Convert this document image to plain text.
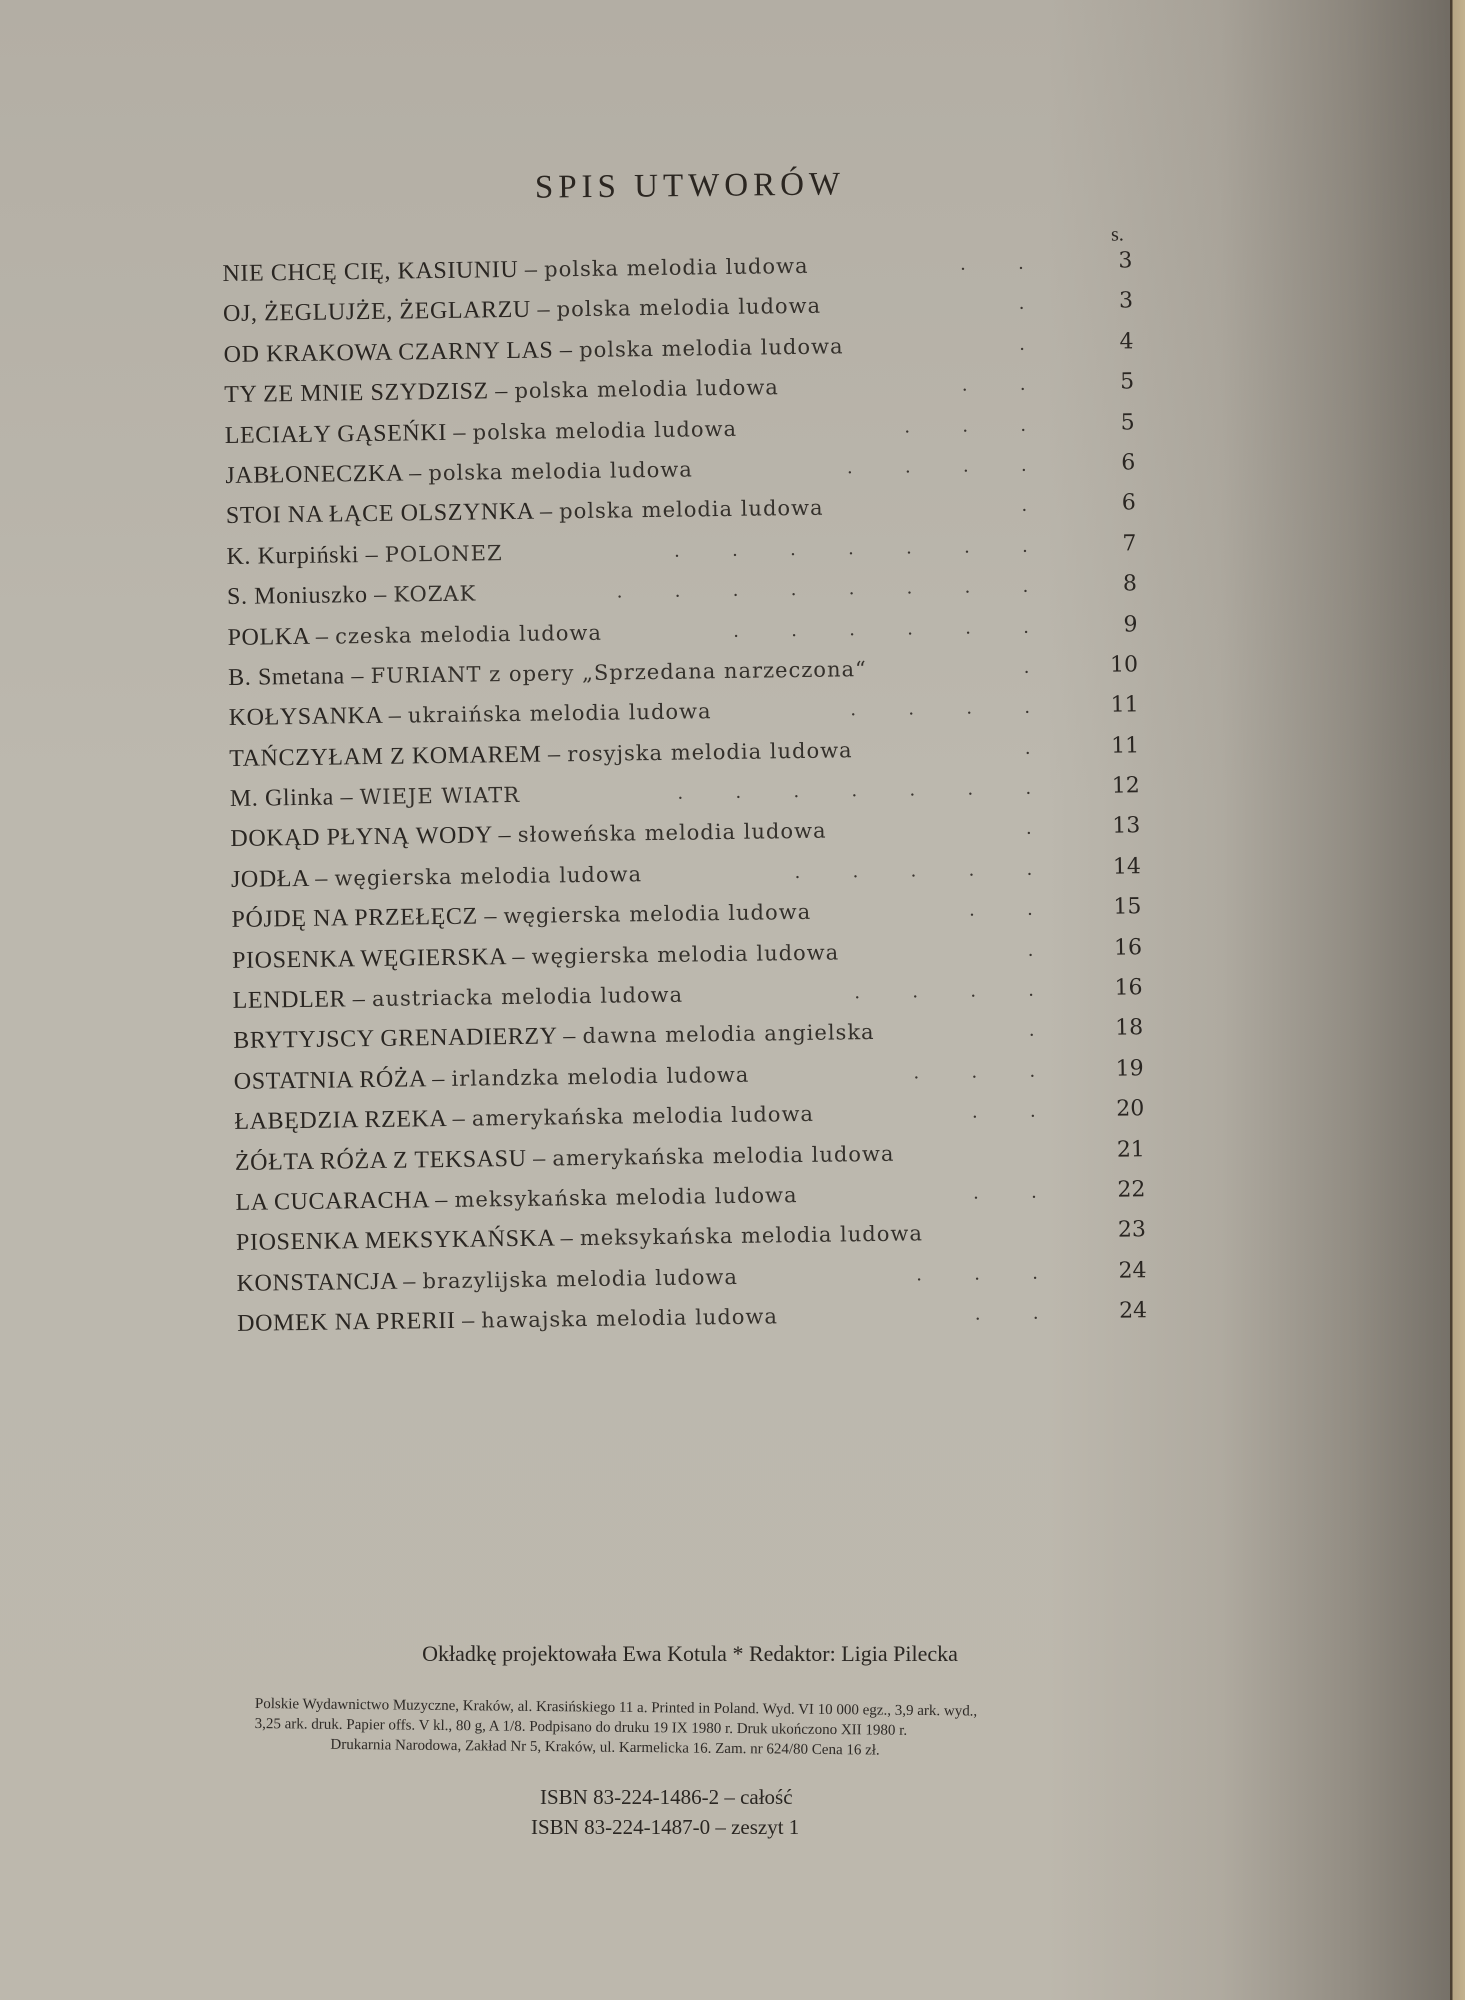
SPIS UTWORÓW
s.
NIE CHCĘ CIĘ, KASIUNIU – polska melodia ludowa	. .	3
OJ, ŻEGLUJŻE, ŻEGLARZU – polska melodia ludowa	.	3
OD KRAKOWA CZARNY LAS – polska melodia ludowa	.	4
TY ZE MNIE SZYDZISZ – polska melodia ludowa	. .	5
LECIAŁY GĄSEŃKI – polska melodia ludowa	. . .	5
JABŁONECZKA – polska melodia ludowa	. . . .	6
STOI NA ŁĄCE OLSZYNKA – polska melodia ludowa	.	6
K. Kurpiński – POLONEZ	. . . . . . .	7
S. Moniuszko – KOZAK	. . . . . . . .	8
POLKA – czeska melodia ludowa	. . . . . .	9
B. Smetana – FURIANT z opery „Sprzedana narzeczona“	.	10
KOŁYSANKA – ukraińska melodia ludowa	. . . .	11
TAŃCZYŁAM Z KOMAREM – rosyjska melodia ludowa	.	11
M. Glinka – WIEJE WIATR	. . . . . . .	12
DOKĄD PŁYNĄ WODY – słoweńska melodia ludowa	.	13
JODŁA – węgierska melodia ludowa	. . . . .	14
PÓJDĘ NA PRZEŁĘCZ – węgierska melodia ludowa	. .	15
PIOSENKA WĘGIERSKA – węgierska melodia ludowa	.	16
LENDLER – austriacka melodia ludowa	. . . .	16
BRYTYJSCY GRENADIERZY – dawna melodia angielska	.	18
OSTATNIA RÓŻA – irlandzka melodia ludowa	. . .	19
ŁABĘDZIA RZEKA – amerykańska melodia ludowa	. .	20
ŻÓŁTA RÓŻA Z TEKSASU – amerykańska melodia ludowa	21
LA CUCARACHA – meksykańska melodia ludowa	. .	22
PIOSENKA MEKSYKAŃSKA – meksykańska melodia ludowa	23
KONSTANCJA – brazylijska melodia ludowa	. . .	24
DOMEK NA PRERII – hawajska melodia ludowa	. .	24
Okładkę projektowała Ewa Kotula * Redaktor: Ligia Pilecka
Polskie Wydawnictwo Muzyczne, Kraków, al. Krasińskiego 11 a. Printed in Poland. Wyd. VI 10 000 egz., 3,9 ark. wyd.,
3,25 ark. druk. Papier offs. V kl., 80 g, A 1/8. Podpisano do druku 19 IX 1980 r. Druk ukończono XII 1980 r.
Drukarnia Narodowa, Zakład Nr 5, Kraków, ul. Karmelicka 16. Zam. nr 624/80 Cena 16 zł.
ISBN 83-224-1486-2 – całość
ISBN 83-224-1487-0 – zeszyt 1
